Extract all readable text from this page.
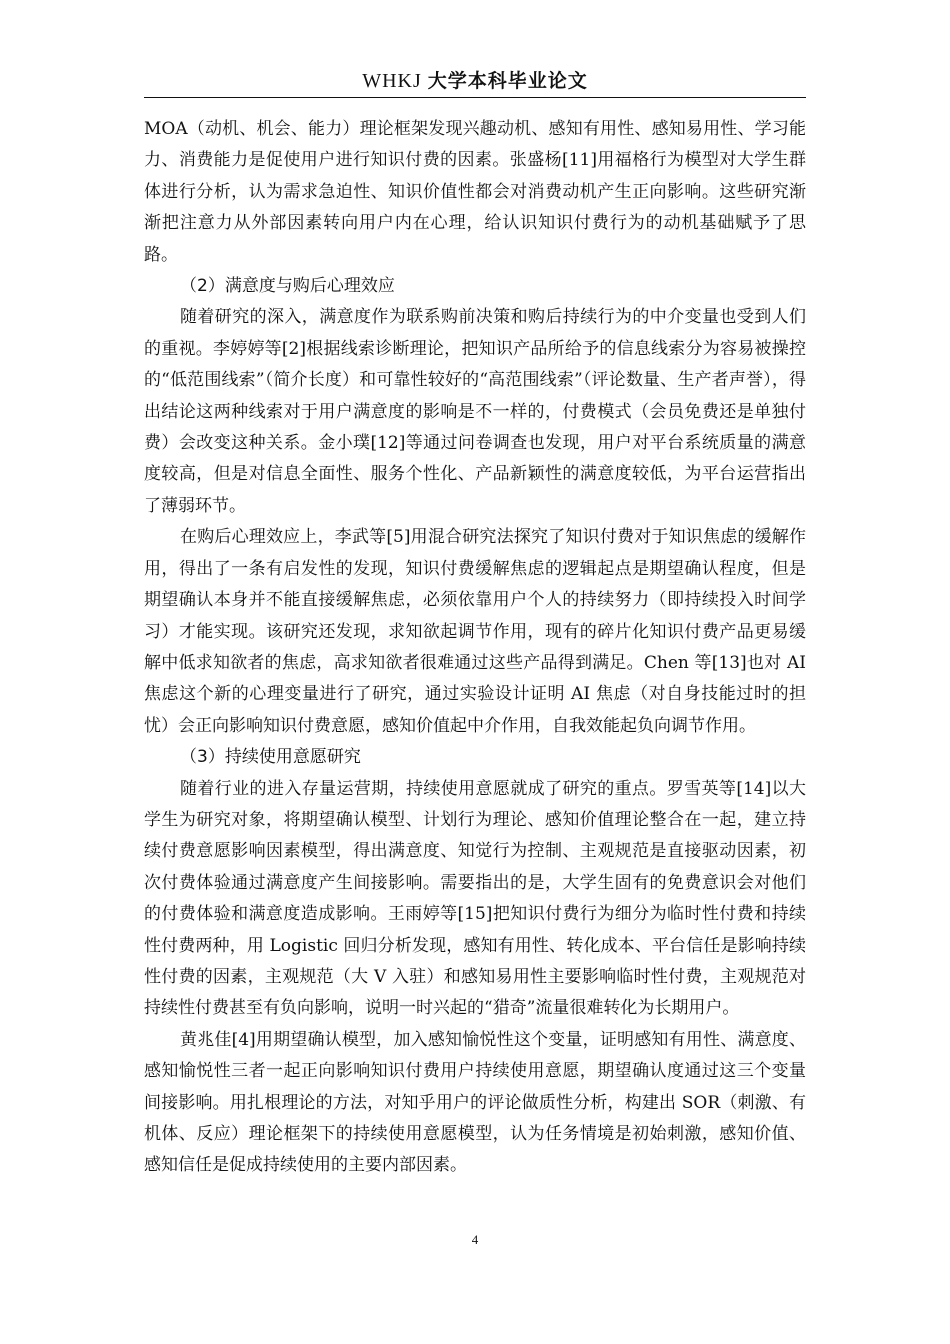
WHKJ 大学本科毕业论文

MOA（动机、机会、能力）理论框架发现兴趣动机、感知有用性、感知易用性、学习能力、消费能力是促使用户进行知识付费的因素。张盛杨[11]用福格行为模型对大学生群体进行分析，认为需求急迫性、知识价值性都会对消费动机产生正向影响。这些研究渐渐把注意力从外部因素转向用户内在心理，给认识知识付费行为的动机基础赋予了思路。

（2）满意度与购后心理效应

随着研究的深入，满意度作为联系购前决策和购后持续行为的中介变量也受到人们的重视。李婷婷等[2]根据线索诊断理论，把知识产品所给予的信息线索分为容易被操控的“低范围线索”（简介长度）和可靠性较好的“高范围线索”（评论数量、生产者声誉），得出结论这两种线索对于用户满意度的影响是不一样的，付费模式（会员免费还是单独付费）会改变这种关系。金小璞[12]等通过问卷调查也发现，用户对平台系统质量的满意度较高，但是对信息全面性、服务个性化、产品新颖性的满意度较低，为平台运营指出了薄弱环节。

在购后心理效应上，李武等[5]用混合研究法探究了知识付费对于知识焦虑的缓解作用，得出了一条有启发性的发现，知识付费缓解焦虑的逻辑起点是期望确认程度，但是期望确认本身并不能直接缓解焦虑，必须依靠用户个人的持续努力（即持续投入时间学习）才能实现。该研究还发现，求知欲起调节作用，现有的碎片化知识付费产品更易缓解中低求知欲者的焦虑，高求知欲者很难通过这些产品得到满足。Chen 等[13]也对 AI 焦虑这个新的心理变量进行了研究，通过实验设计证明 AI 焦虑（对自身技能过时的担忧）会正向影响知识付费意愿，感知价值起中介作用，自我效能起负向调节作用。

（3）持续使用意愿研究

随着行业的进入存量运营期，持续使用意愿就成了研究的重点。罗雪英等[14]以大学生为研究对象，将期望确认模型、计划行为理论、感知价值理论整合在一起，建立持续付费意愿影响因素模型，得出满意度、知觉行为控制、主观规范是直接驱动因素，初次付费体验通过满意度产生间接影响。需要指出的是，大学生固有的免费意识会对他们的付费体验和满意度造成影响。王雨婷等[15]把知识付费行为细分为临时性付费和持续性付费两种，用 Logistic 回归分析发现，感知有用性、转化成本、平台信任是影响持续性付费的因素，主观规范（大 V 入驻）和感知易用性主要影响临时性付费，主观规范对持续性付费甚至有负向影响，说明一时兴起的“猎奇”流量很难转化为长期用户。

黄兆佳[4]用期望确认模型，加入感知愉悦性这个变量，证明感知有用性、满意度、感知愉悦性三者一起正向影响知识付费用户持续使用意愿，期望确认度通过这三个变量间接影响。用扎根理论的方法，对知乎用户的评论做质性分析，构建出 SOR（刺激、有机体、反应）理论框架下的持续使用意愿模型，认为任务情境是初始刺激，感知价值、感知信任是促成持续使用的主要内部因素。

4
